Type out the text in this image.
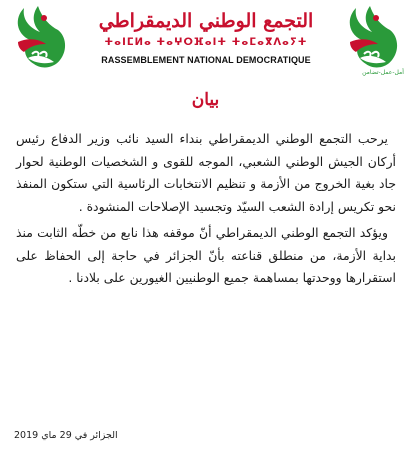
التجمع الوطني الديمقراطي
ⵜⴰⵏⵎⵍⴰ ⵜⴰⵖⵔⴼⴰⵏⵜ ⵜⴰⵎⴰⴳⴷⴰⵢⵜ
RASSEMBLEMENT NATIONAL DEMOCRATIQUE
أمل-عمل-تضامن
بيان

يرحب التجمع الوطني الديمقراطي بنداء السيد نائب وزير الدفاع رئيس أركان الجيش الوطني الشعبي، الموجه للقوى و الشخصيات الوطنية لحوار جاد بغية الخروج من الأزمة و تنظيم الانتخابات الرئاسية التي ستكون المنفذ نحو تكريس إرادة الشعب السيّد وتجسيد الإصلاحات المنشودة .

ويؤكد التجمع الوطني الديمقراطي أنّ موقفه هذا نابع من خطّه الثابت منذ بداية الأزمة، من منطلق قناعته بأنّ الجزائر في حاجة إلى الحفاظ على استقرارها ووحدتها بمساهمة جميع الوطنيين الغيورين على بلادنا .

الجزائر في 29 ماي 2019
